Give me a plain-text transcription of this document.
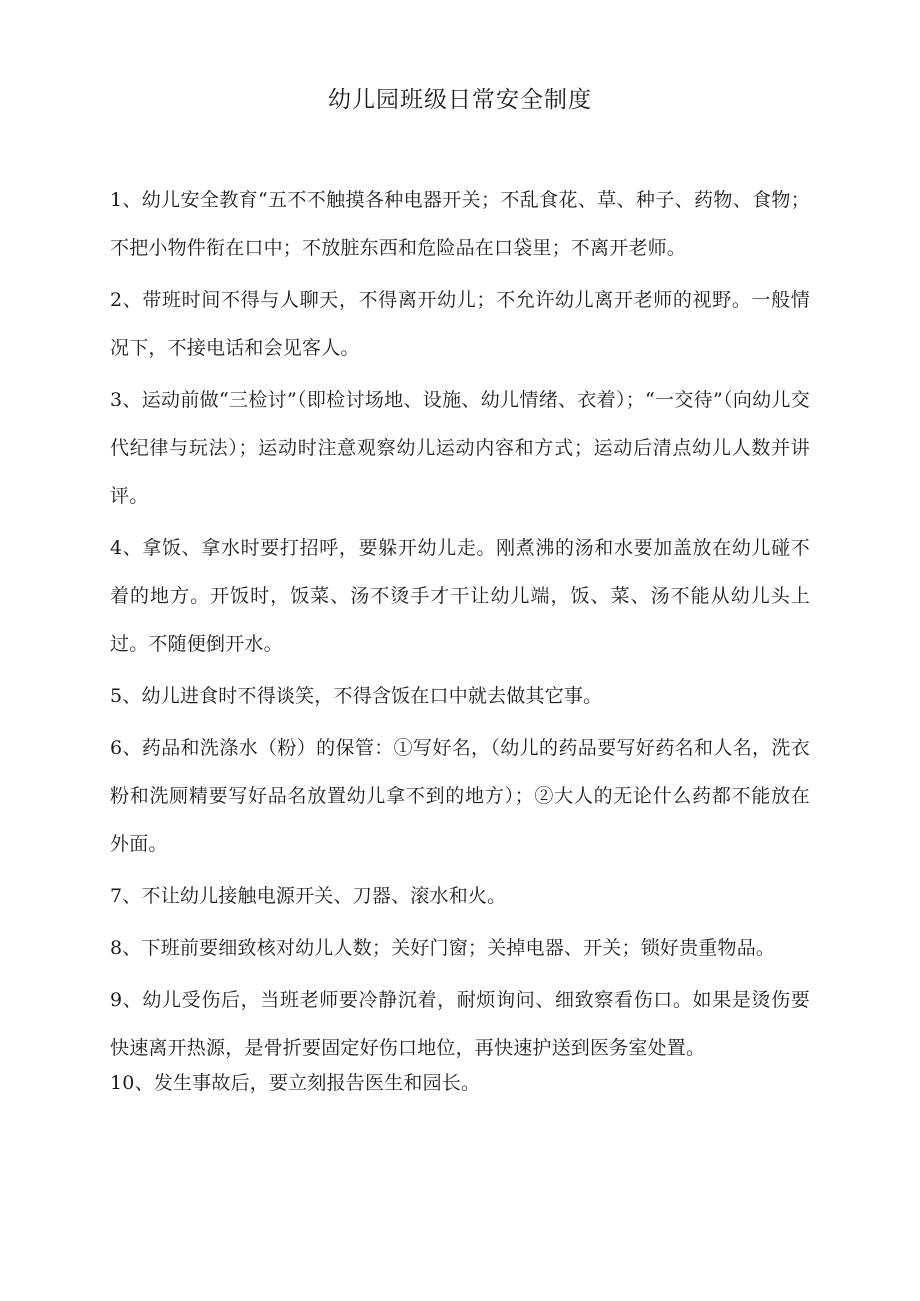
幼儿园班级日常安全制度

1、幼儿安全教育“五不不触摸各种电器开关；不乱食花、草、种子、药物、食物；不把小物件衔在口中；不放脏东西和危险品在口袋里；不离开老师。

2、带班时间不得与人聊天，不得离开幼儿；不允许幼儿离开老师的视野。一般情况下，不接电话和会见客人。

3、运动前做“三检讨”（即检讨场地、设施、幼儿情绪、衣着）；“一交待”（向幼儿交代纪律与玩法）；运动时注意观察幼儿运动内容和方式；运动后清点幼儿人数并讲评。

4、拿饭、拿水时要打招呼，要躲开幼儿走。刚煮沸的汤和水要加盖放在幼儿碰不着的地方。开饭时，饭菜、汤不烫手才干让幼儿端，饭、菜、汤不能从幼儿头上过。不随便倒开水。

5、幼儿进食时不得谈笑，不得含饭在口中就去做其它事。

6、药品和洗涤水（粉）的保管：①写好名，（幼儿的药品要写好药名和人名，洗衣粉和洗厕精要写好品名放置幼儿拿不到的地方）；②大人的无论什么药都不能放在外面。

7、不让幼儿接触电源开关、刀器、滚水和火。

8、下班前要细致核对幼儿人数；关好门窗；关掉电器、开关；锁好贵重物品。

9、幼儿受伤后，当班老师要冷静沉着，耐烦询问、细致察看伤口。如果是烫伤要快速离开热源，是骨折要固定好伤口地位，再快速护送到医务室处置。

10、发生事故后，要立刻报告医生和园长。
